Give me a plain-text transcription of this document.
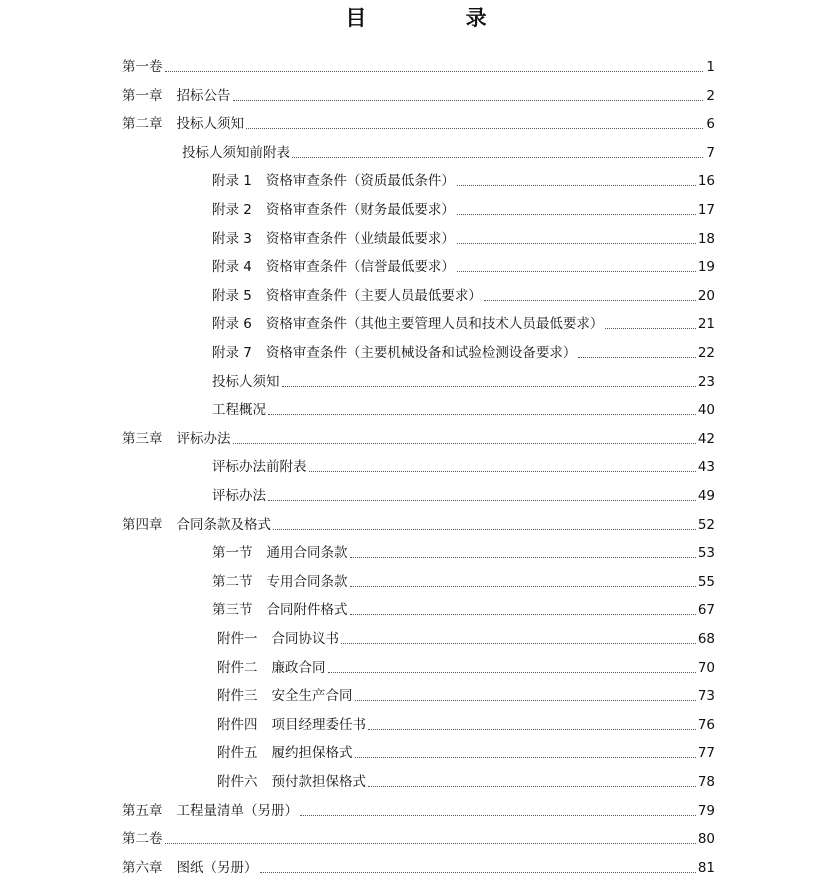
目 录
第一卷	1
第一章 招标公告	2
第二章 投标人须知	6
投标人须知前附表	7
附录 1 资格审查条件（资质最低条件）	16
附录 2 资格审查条件（财务最低要求）	17
附录 3 资格审查条件（业绩最低要求）	18
附录 4 资格审查条件（信誉最低要求）	19
附录 5 资格审查条件（主要人员最低要求）	20
附录 6 资格审查条件（其他主要管理人员和技术人员最低要求）	21
附录 7 资格审查条件（主要机械设备和试验检测设备要求）	22
投标人须知	23
工程概况	40
第三章 评标办法	42
评标办法前附表	43
评标办法	49
第四章 合同条款及格式	52
第一节 通用合同条款	53
第二节 专用合同条款	55
第三节 合同附件格式	67
附件一 合同协议书	68
附件二 廉政合同	70
附件三 安全生产合同	73
附件四 项目经理委任书	76
附件五 履约担保格式	77
附件六 预付款担保格式	78
第五章 工程量清单（另册）	79
第二卷	80
第六章 图纸（另册）	81
